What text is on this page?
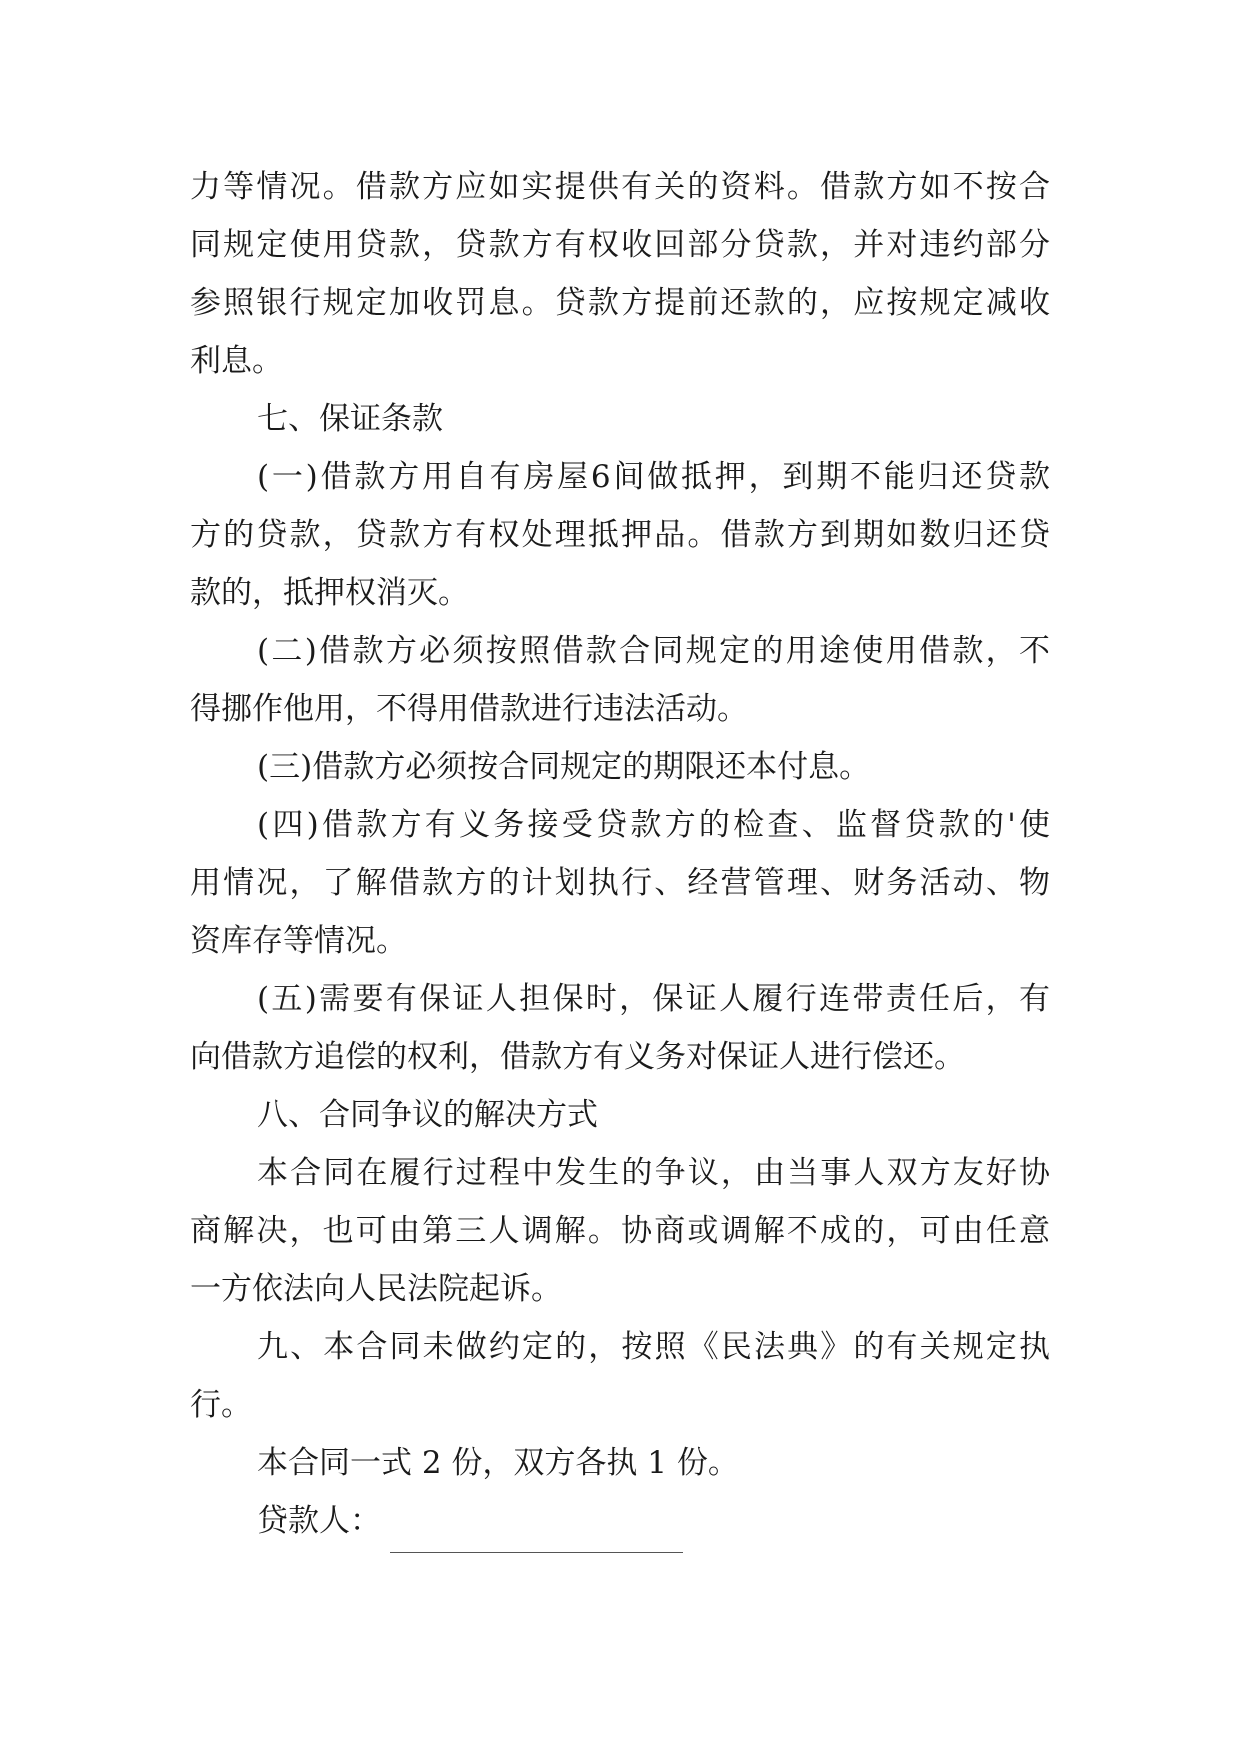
力等情况。借款方应如实提供有关的资料。借款方如不按合
同规定使用贷款，贷款方有权收回部分贷款，并对违约部分
参照银行规定加收罚息。贷款方提前还款的，应按规定减收
利息。
七、保证条款
(一)借款方用自有房屋6间做抵押，到期不能归还贷款
方的贷款，贷款方有权处理抵押品。借款方到期如数归还贷
款的，抵押权消灭。
(二)借款方必须按照借款合同规定的用途使用借款，不
得挪作他用，不得用借款进行违法活动。
(三)借款方必须按合同规定的期限还本付息。
(四)借款方有义务接受贷款方的检查、监督贷款的'使
用情况，了解借款方的计划执行、经营管理、财务活动、物
资库存等情况。
(五)需要有保证人担保时，保证人履行连带责任后，有
向借款方追偿的权利，借款方有义务对保证人进行偿还。
八、合同争议的解决方式
本合同在履行过程中发生的争议，由当事人双方友好协
商解决，也可由第三人调解。协商或调解不成的，可由任意
一方依法向人民法院起诉。
九、本合同未做约定的，按照《民法典》的有关规定执
行。
本合同一式 2 份，双方各执 1 份。
贷款人：
